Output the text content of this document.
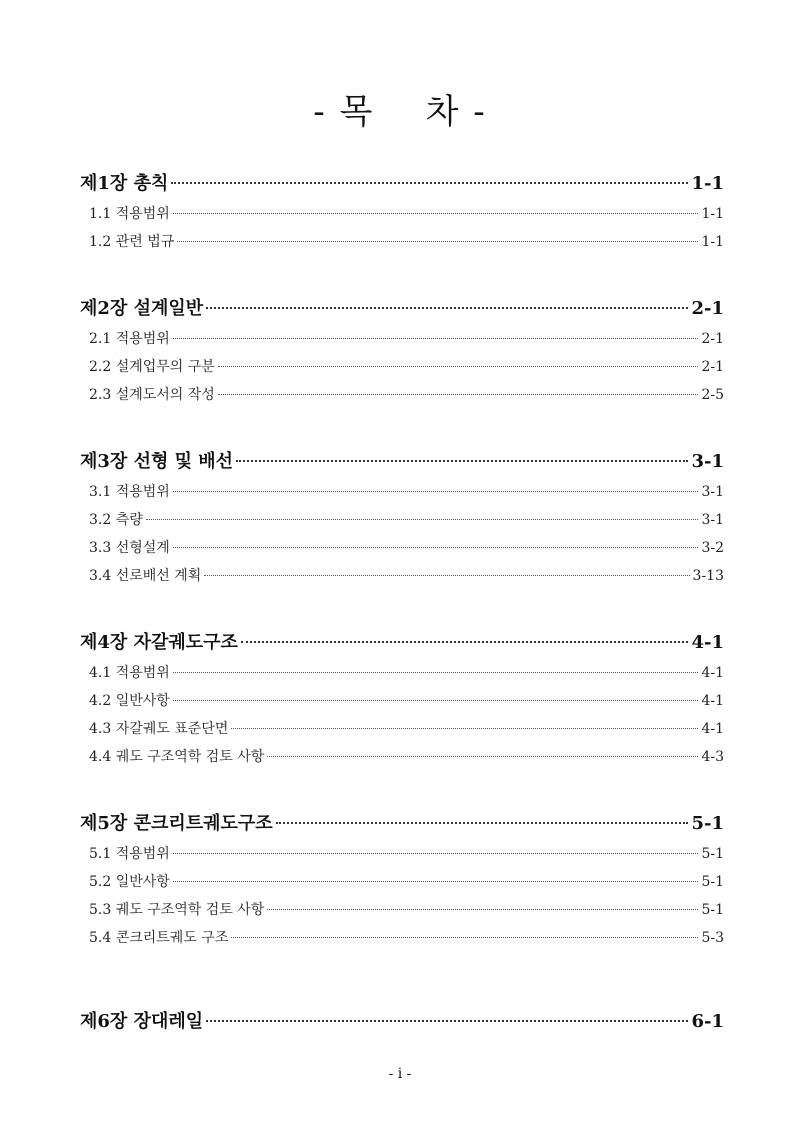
- 목    차 -
제1장 총칙	1-1
1.1 적용범위	1-1
1.2 관련 법규	1-1
제2장 설계일반	2-1
2.1 적용범위	2-1
2.2 설계업무의 구분	2-1
2.3 설계도서의 작성	2-5
제3장 선형 및 배선	3-1
3.1 적용범위	3-1
3.2 측량	3-1
3.3 선형설계	3-2
3.4 선로배선 계획	3-13
제4장 자갈궤도구조	4-1
4.1 적용범위	4-1
4.2 일반사항	4-1
4.3 자갈궤도 표준단면	4-1
4.4 궤도 구조역학 검토 사항	4-3
제5장 콘크리트궤도구조	5-1
5.1 적용범위	5-1
5.2 일반사항	5-1
5.3 궤도 구조역학 검토 사항	5-1
5.4 콘크리트궤도 구조	5-3
제6장 장대레일	6-1
- i -
